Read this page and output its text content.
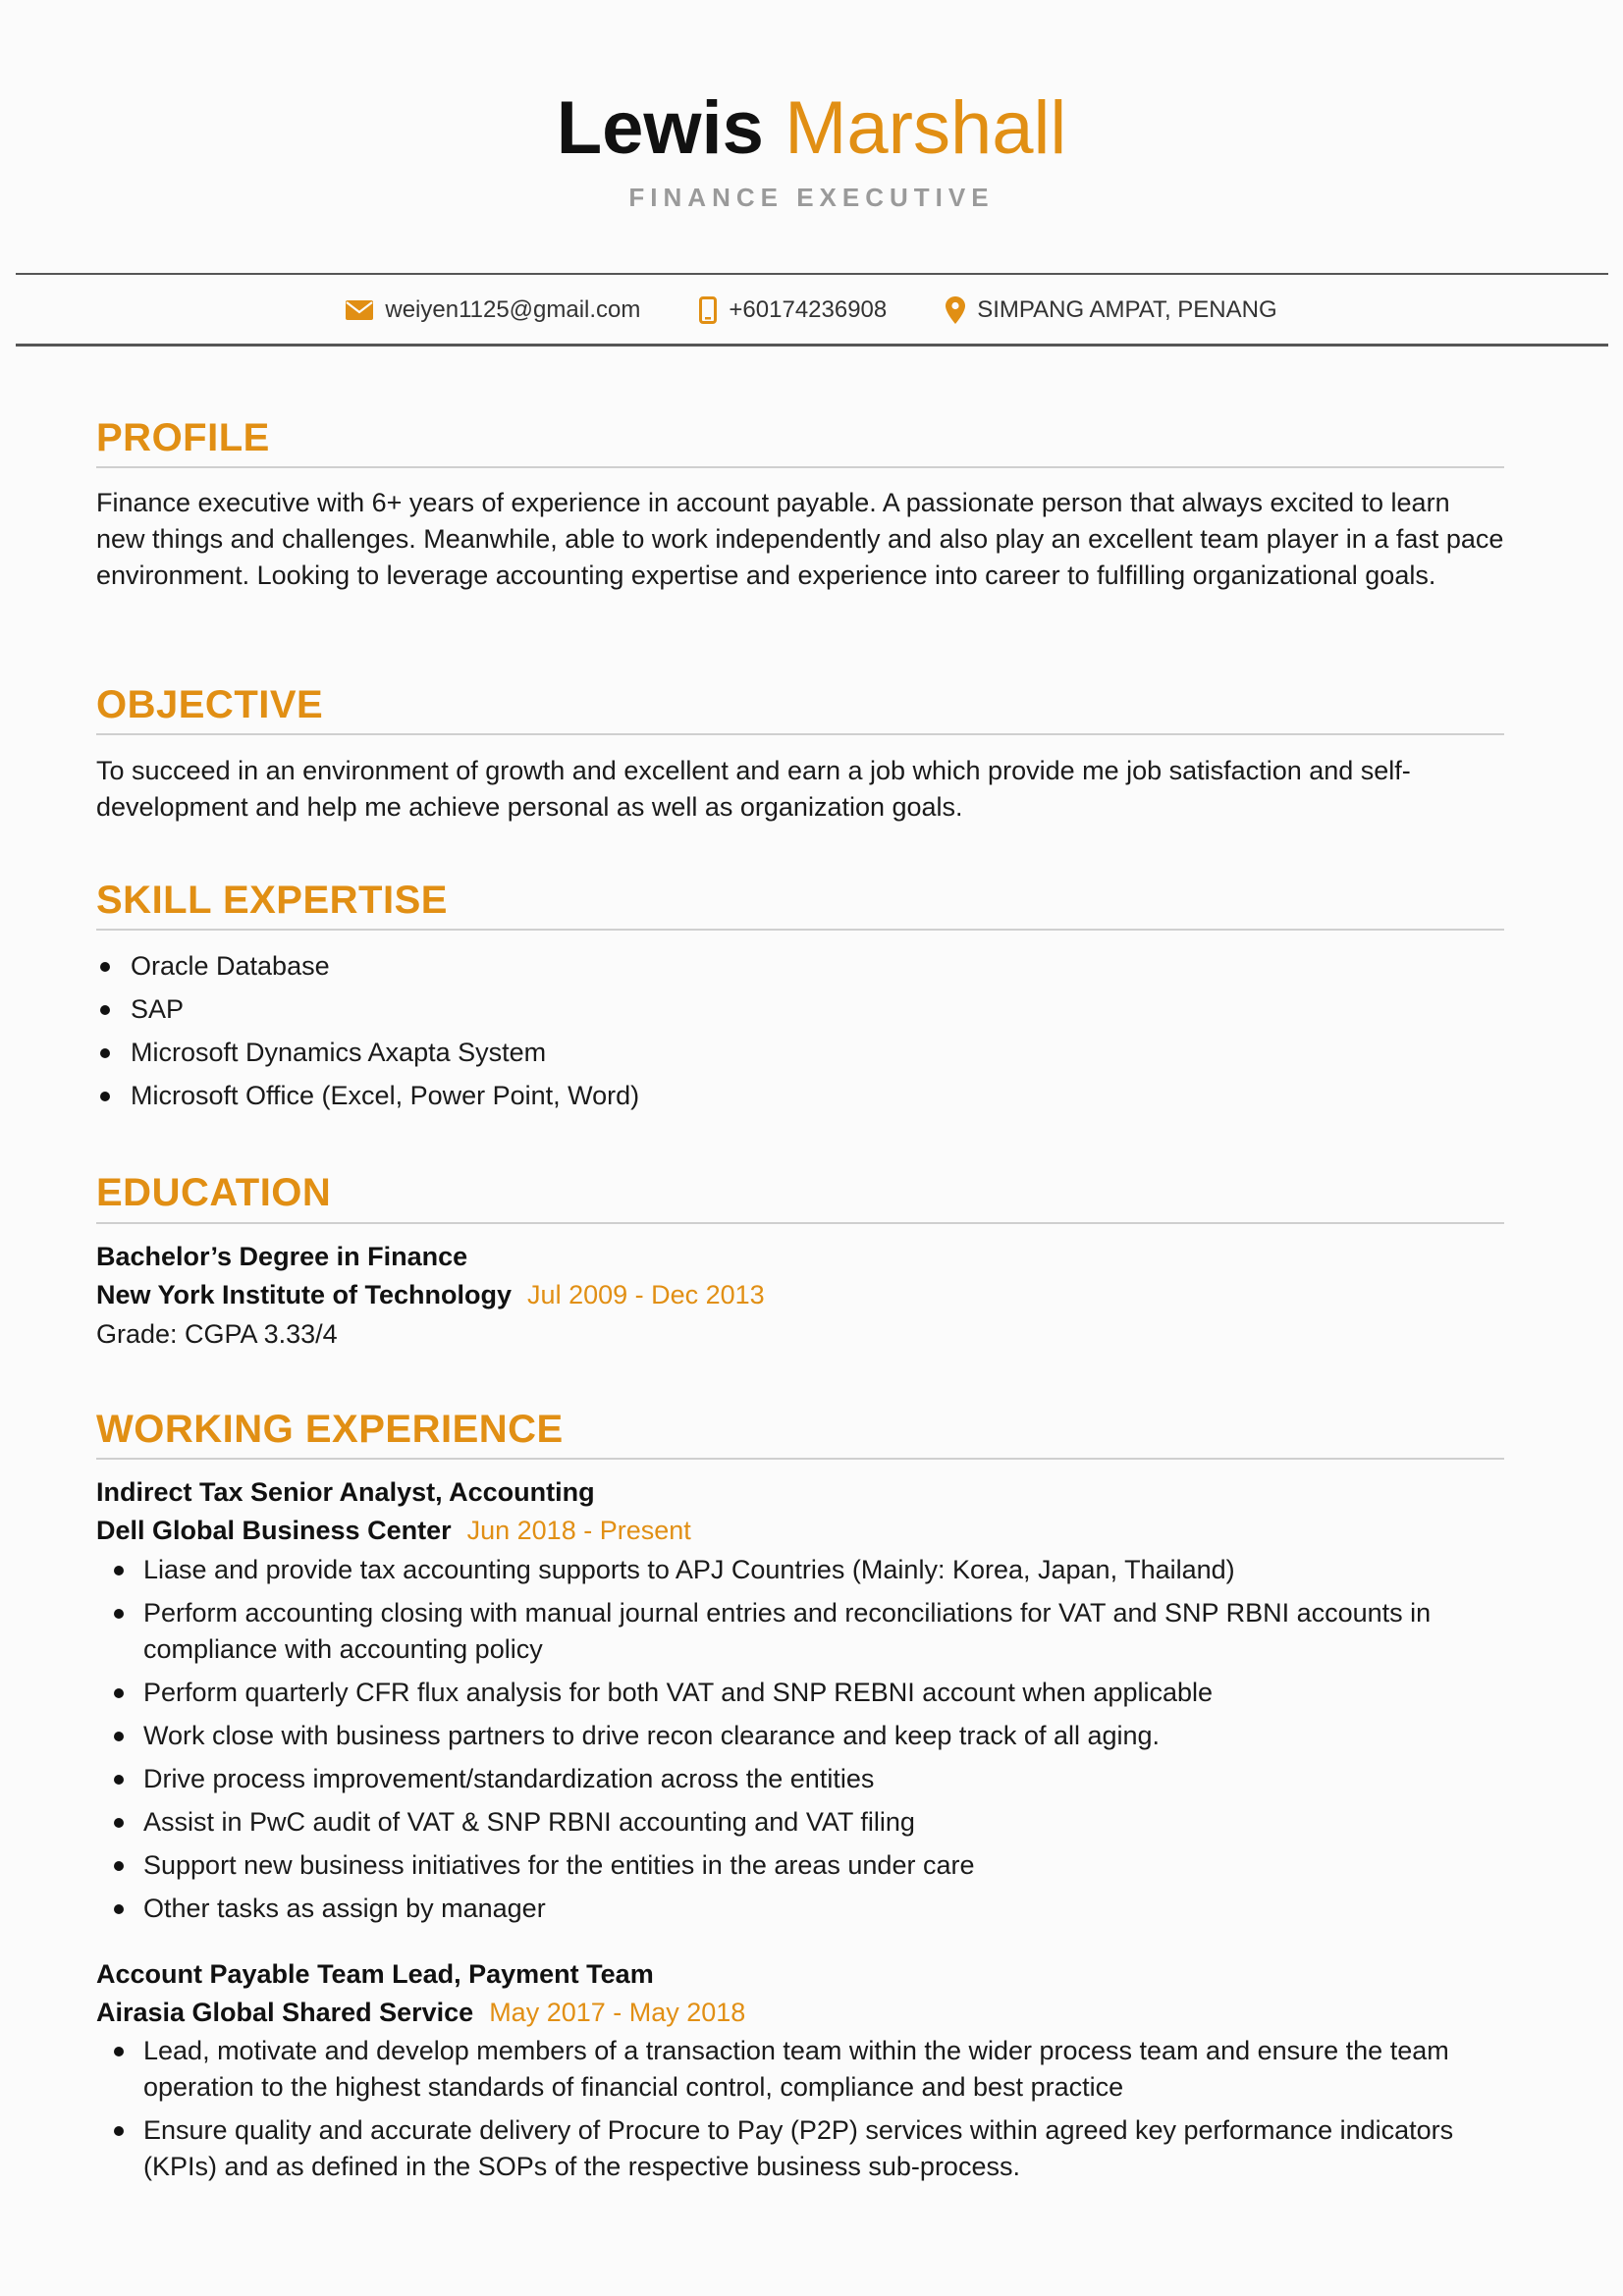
Lewis Marshall
FINANCE EXECUTIVE
weiyen1125@gmail.com	+60174236908	SIMPANG AMPAT, PENANG
PROFILE
Finance executive with 6+ years of experience in account payable. A passionate person that always excited to learn new things and challenges. Meanwhile, able to work independently and also play an excellent team player in a fast pace environment. Looking to leverage accounting expertise and experience into career to fulfilling organizational goals.
OBJECTIVE
To succeed in an environment of growth and excellent and earn a job which provide me job satisfaction and self-development and help me achieve personal as well as organization goals.
SKILL EXPERTISE
Oracle Database
SAP
Microsoft Dynamics Axapta System
Microsoft Office (Excel, Power Point, Word)
EDUCATION
Bachelor’s Degree in Finance
New York Institute of Technology Jul 2009 - Dec 2013
Grade: CGPA 3.33/4
WORKING EXPERIENCE
Indirect Tax Senior Analyst, Accounting
Dell Global Business Center Jun 2018 - Present
Liase and provide tax accounting supports to APJ Countries (Mainly: Korea, Japan, Thailand)
Perform accounting closing with manual journal entries and reconciliations for VAT and SNP RBNI accounts in compliance with accounting policy
Perform quarterly CFR flux analysis for both VAT and SNP REBNI account when applicable
Work close with business partners to drive recon clearance and keep track of all aging.
Drive process improvement/standardization across the entities
Assist in PwC audit of VAT & SNP RBNI accounting and VAT filing
Support new business initiatives for the entities in the areas under care
Other tasks as assign by manager
Account Payable Team Lead, Payment Team
Airasia Global Shared Service May 2017 - May 2018
Lead, motivate and develop members of a transaction team within the wider process team and ensure the team operation to the highest standards of financial control, compliance and best practice
Ensure quality and accurate delivery of Procure to Pay (P2P) services within agreed key performance indicators (KPIs) and as defined in the SOPs of the respective business sub-process.
